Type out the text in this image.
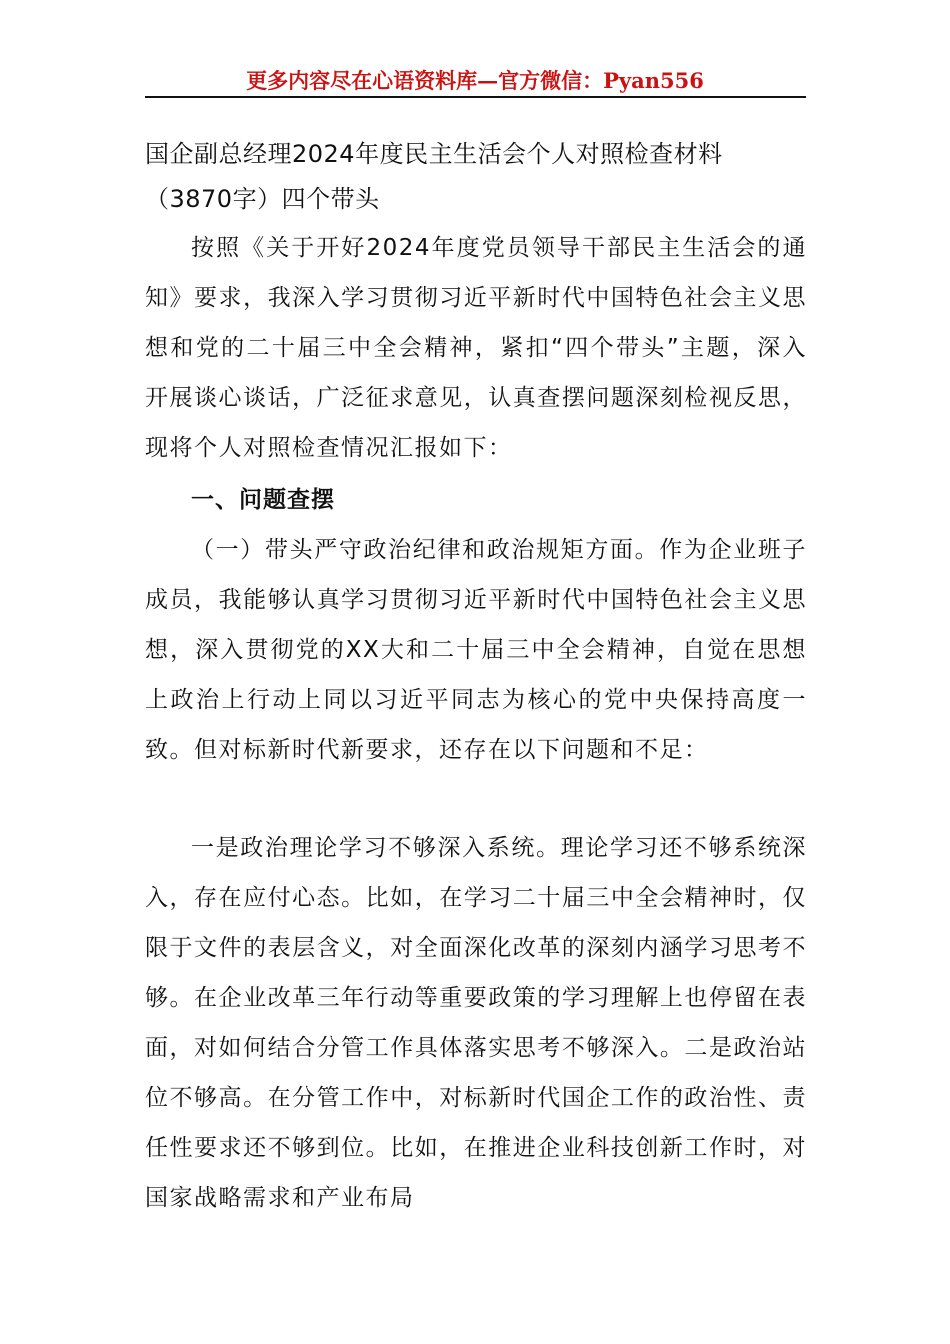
更多内容尽在心语资料库—官方微信：Pyan556
国企副总经理2024年度民主生活会个人对照检查材料
（3870字）四个带头

按照《关于开好2024年度党员领导干部民主生活会的通知》要求，我深入学习贯彻习近平新时代中国特色社会主义思想和党的二十届三中全会精神，紧扣“四个带头”主题，深入开展谈心谈话，广泛征求意见，认真查摆问题深刻检视反思，现将个人对照检查情况汇报如下：

一、问题查摆

（一）带头严守政治纪律和政治规矩方面。作为企业班子成员，我能够认真学习贯彻习近平新时代中国特色社会主义思想，深入贯彻党的XX大和二十届三中全会精神，自觉在思想上政治上行动上同以习近平同志为核心的党中央保持高度一致。但对标新时代新要求，还存在以下问题和不足：

一是政治理论学习不够深入系统。理论学习还不够系统深入，存在应付心态。比如，在学习二十届三中全会精神时，仅限于文件的表层含义，对全面深化改革的深刻内涵学习思考不够。在企业改革三年行动等重要政策的学习理解上也停留在表面，对如何结合分管工作具体落实思考不够深入。二是政治站位不够高。在分管工作中，对标新时代国企工作的政治性、责任性要求还不够到位。比如，在推进企业科技创新工作时，对国家战略需求和产业布局
